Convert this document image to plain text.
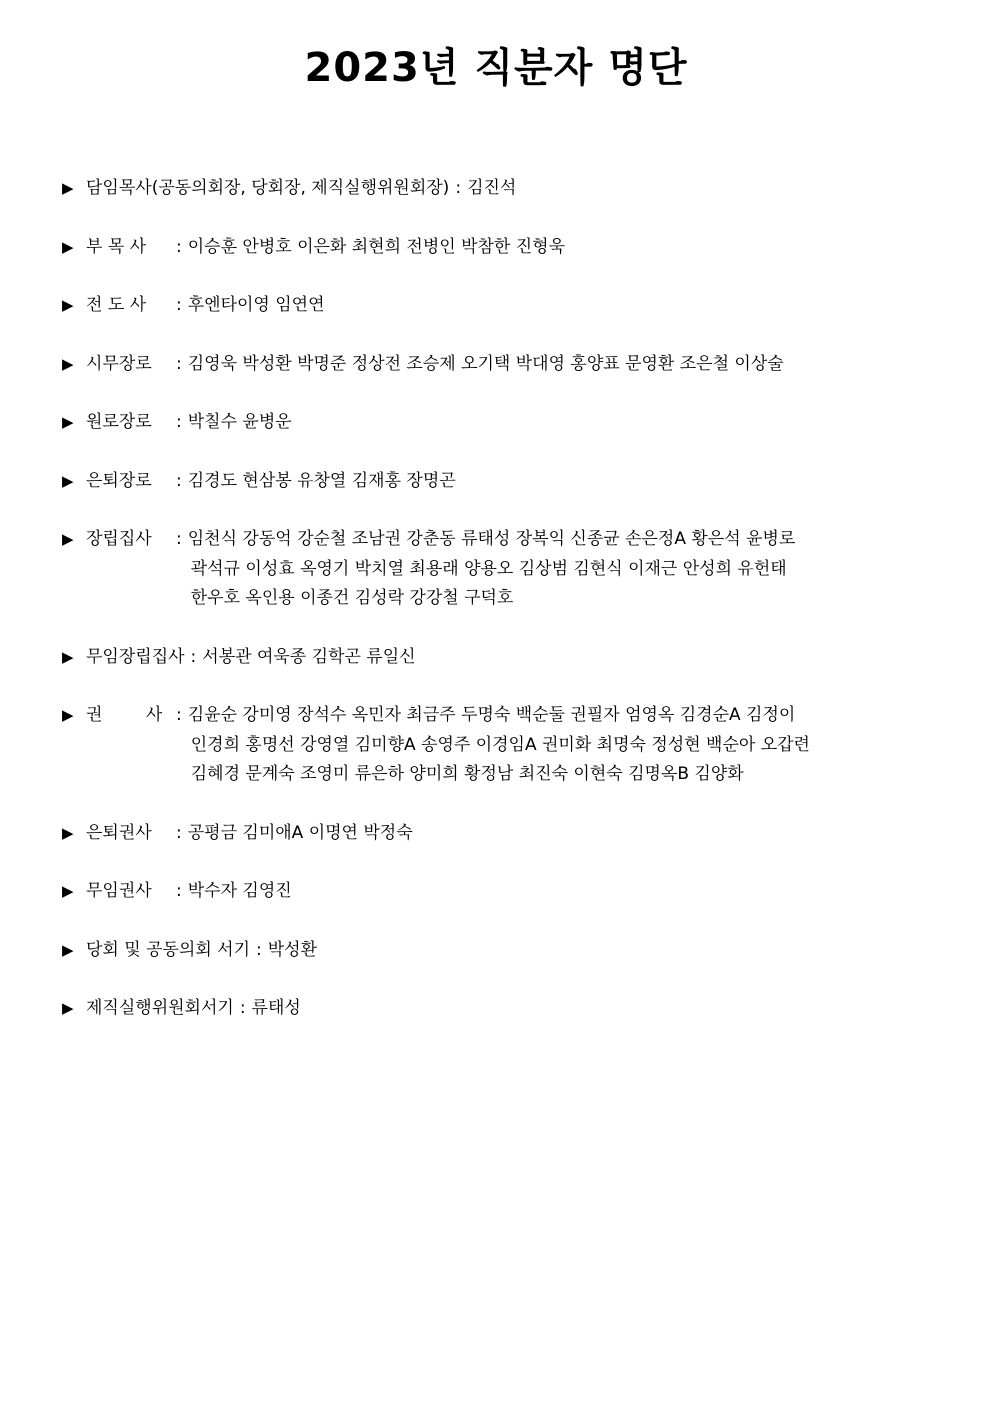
2023년 직분자 명단
▶ 담임목사(공동의회장, 당회장, 제직실행위원회장) : 김진석
▶ 부 목 사	: 이승훈 안병호 이은화 최현희 전병인 박참한 진형욱
▶ 전 도 사	: 후엔타이영 임연연
▶ 시무장로	: 김영욱 박성환 박명준 정상전 조승제 오기택 박대영 홍양표 문영환 조은철 이상술
▶ 원로장로	: 박칠수 윤병운
▶ 은퇴장로	: 김경도 현삼봉 유창열 김재홍 장명곤
▶ 장립집사	: 임천식 강동억 강순철 조남권 강춘동 류태성 장복익 신종균 손은정A 황은석 윤병로
곽석규 이성효 옥영기 박치열 최용래 양용오 김상범 김현식 이재근 안성희 유헌태
한우호 옥인용 이종건 김성락 강강철 구덕호
▶ 무임장립집사 : 서봉관 여욱종 김학곤 류일신
▶ 권 사 : 김윤순 강미영 장석수 옥민자 최금주 두명숙 백순둘 권필자 엄영옥 김경순A 김정이
인경희 홍명선 강영열 김미향A 송영주 이경임A 권미화 최명숙 정성현 백순아 오갑련
김혜경 문계숙 조영미 류은하 양미희 황정남 최진숙 이현숙 김명옥B 김양화
▶ 은퇴권사	: 공평금 김미애A 이명연 박정숙
▶ 무임권사	: 박수자 김영진
▶ 당회 및 공동의회 서기 : 박성환
▶ 제직실행위원회서기 : 류태성
